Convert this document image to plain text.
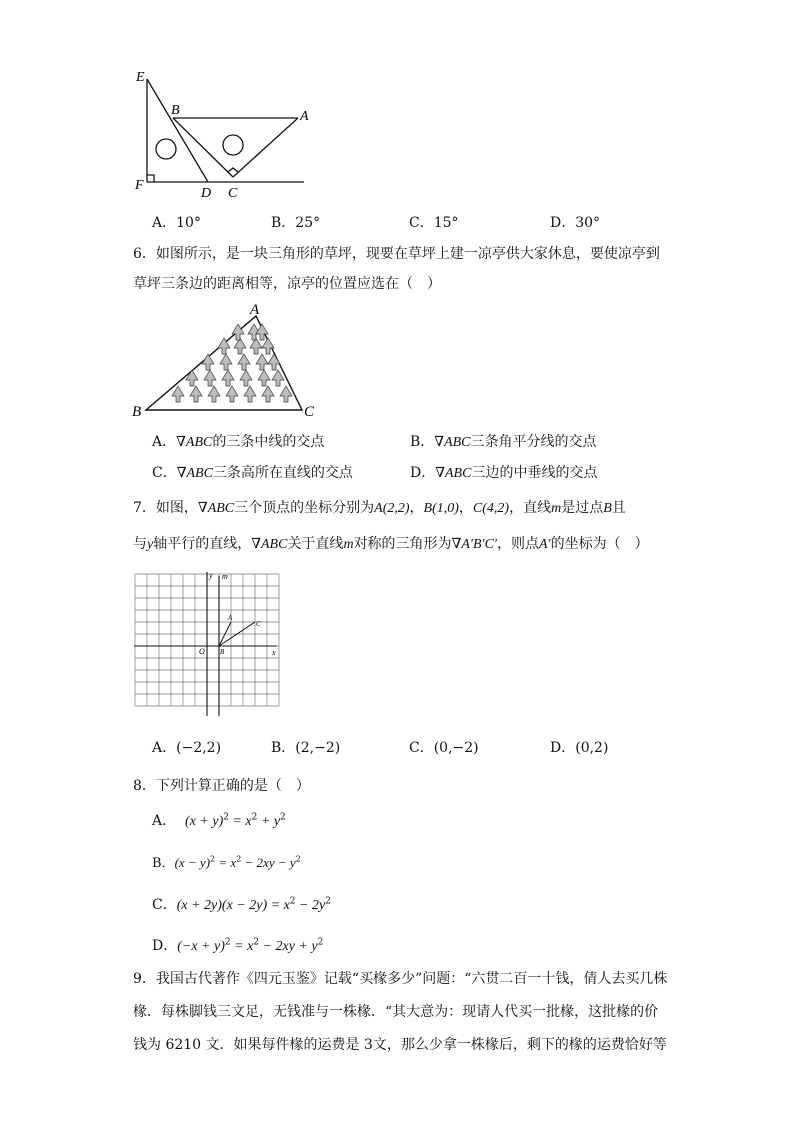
E
B	A
F
D C
A．10°	B．25°	C．15°	D．30°
6．如图所示，是一块三角形的草坪，现要在草坪上建一凉亭供大家休息，要使凉亭到
草坪三条边的距离相等，凉亭的位置应选在（　）
A
B	C
A．∇ABC的三条中线的交点	B．∇ABC三条角平分线的交点
C．∇ABC三条高所在直线的交点	D．∇ABC三边的中垂线的交点
7．如图，∇ABC三个顶点的坐标分别为A(2,2)，B(1,0)，C(4,2)，直线m是过点B且
与y轴平行的直线，∇ABC关于直线m对称的三角形为∇A′B′C′，则点A′的坐标为（　）
y m
x
O
A
B
C
A．(−2,2)	B．(2,−2)	C．(0,−2)	D．(0,2)
8．下列计算正确的是（　）
A． $(x + y)^2 = x^2 + y^2$
B．$(x - y)^2 = x^2 - 2xy - y^2$
C．$(x + 2y)(x - 2y) = x^2 - 2y^2$
D．$(-x + y)^2 = x^2 - 2xy + y^2$
9．我国古代著作《四元玉鉴》记载“买椽多少”问题：“六贯二百一十钱，倩人去买几株
椽．每株脚钱三文足，无钱准与一株椽．“其大意为：现请人代买一批椽，这批椽的价
钱为 6210 文．如果每件椽的运费是 3文，那么少拿一株椽后，剩下的椽的运费恰好等
